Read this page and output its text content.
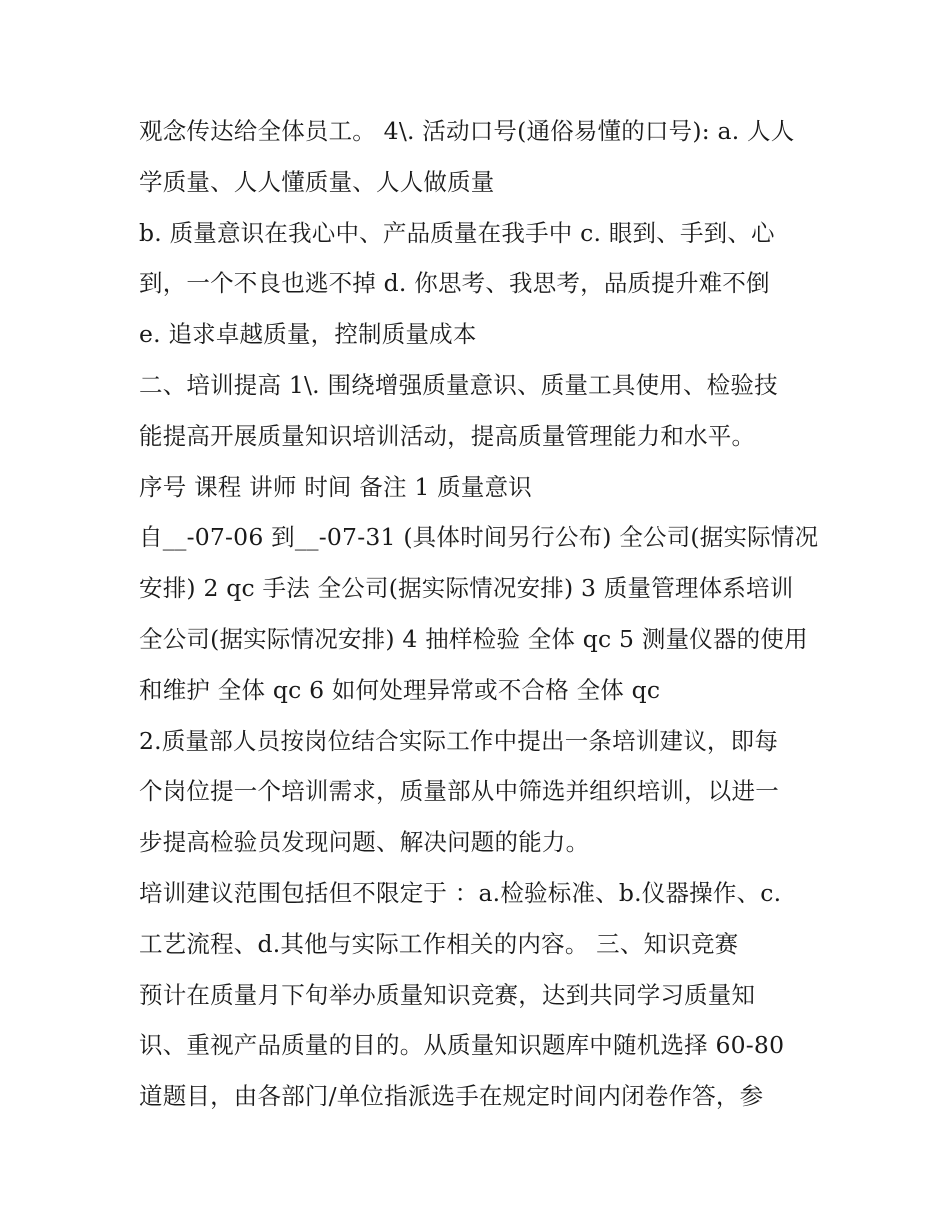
观念传达给全体员工。 4\. 活动口号(通俗易懂的口号): a. 人人
学质量、人人懂质量、人人做质量
b. 质量意识在我心中、产品质量在我手中 c. 眼到、手到、心
到，一个不良也逃不掉 d. 你思考、我思考，品质提升难不倒
e. 追求卓越质量，控制质量成本
二、培训提高 1\. 围绕增强质量意识、质量工具使用、检验技
能提高开展质量知识培训活动，提高质量管理能力和水平。
序号 课程 讲师 时间 备注 1 质量意识
自__-07-06 到__-07-31 (具体时间另行公布) 全公司(据实际情况
安排) 2 qc 手法 全公司(据实际情况安排) 3 质量管理体系培训
全公司(据实际情况安排) 4 抽样检验 全体 qc 5 测量仪器的使用
和维护 全体 qc 6 如何处理异常或不合格 全体 qc
2.质量部人员按岗位结合实际工作中提出一条培训建议，即每
个岗位提一个培训需求，质量部从中筛选并组织培训，以进一
步提高检验员发现问题、解决问题的能力。
培训建议范围包括但不限定于 ：a.检验标准、b.仪器操作、c.
工艺流程、d.其他与实际工作相关的内容。 三、知识竞赛
预计在质量月下旬举办质量知识竞赛，达到共同学习质量知
识、重视产品质量的目的。从质量知识题库中随机选择 60-80
道题目，由各部门/单位指派选手在规定时间内闭卷作答，参
